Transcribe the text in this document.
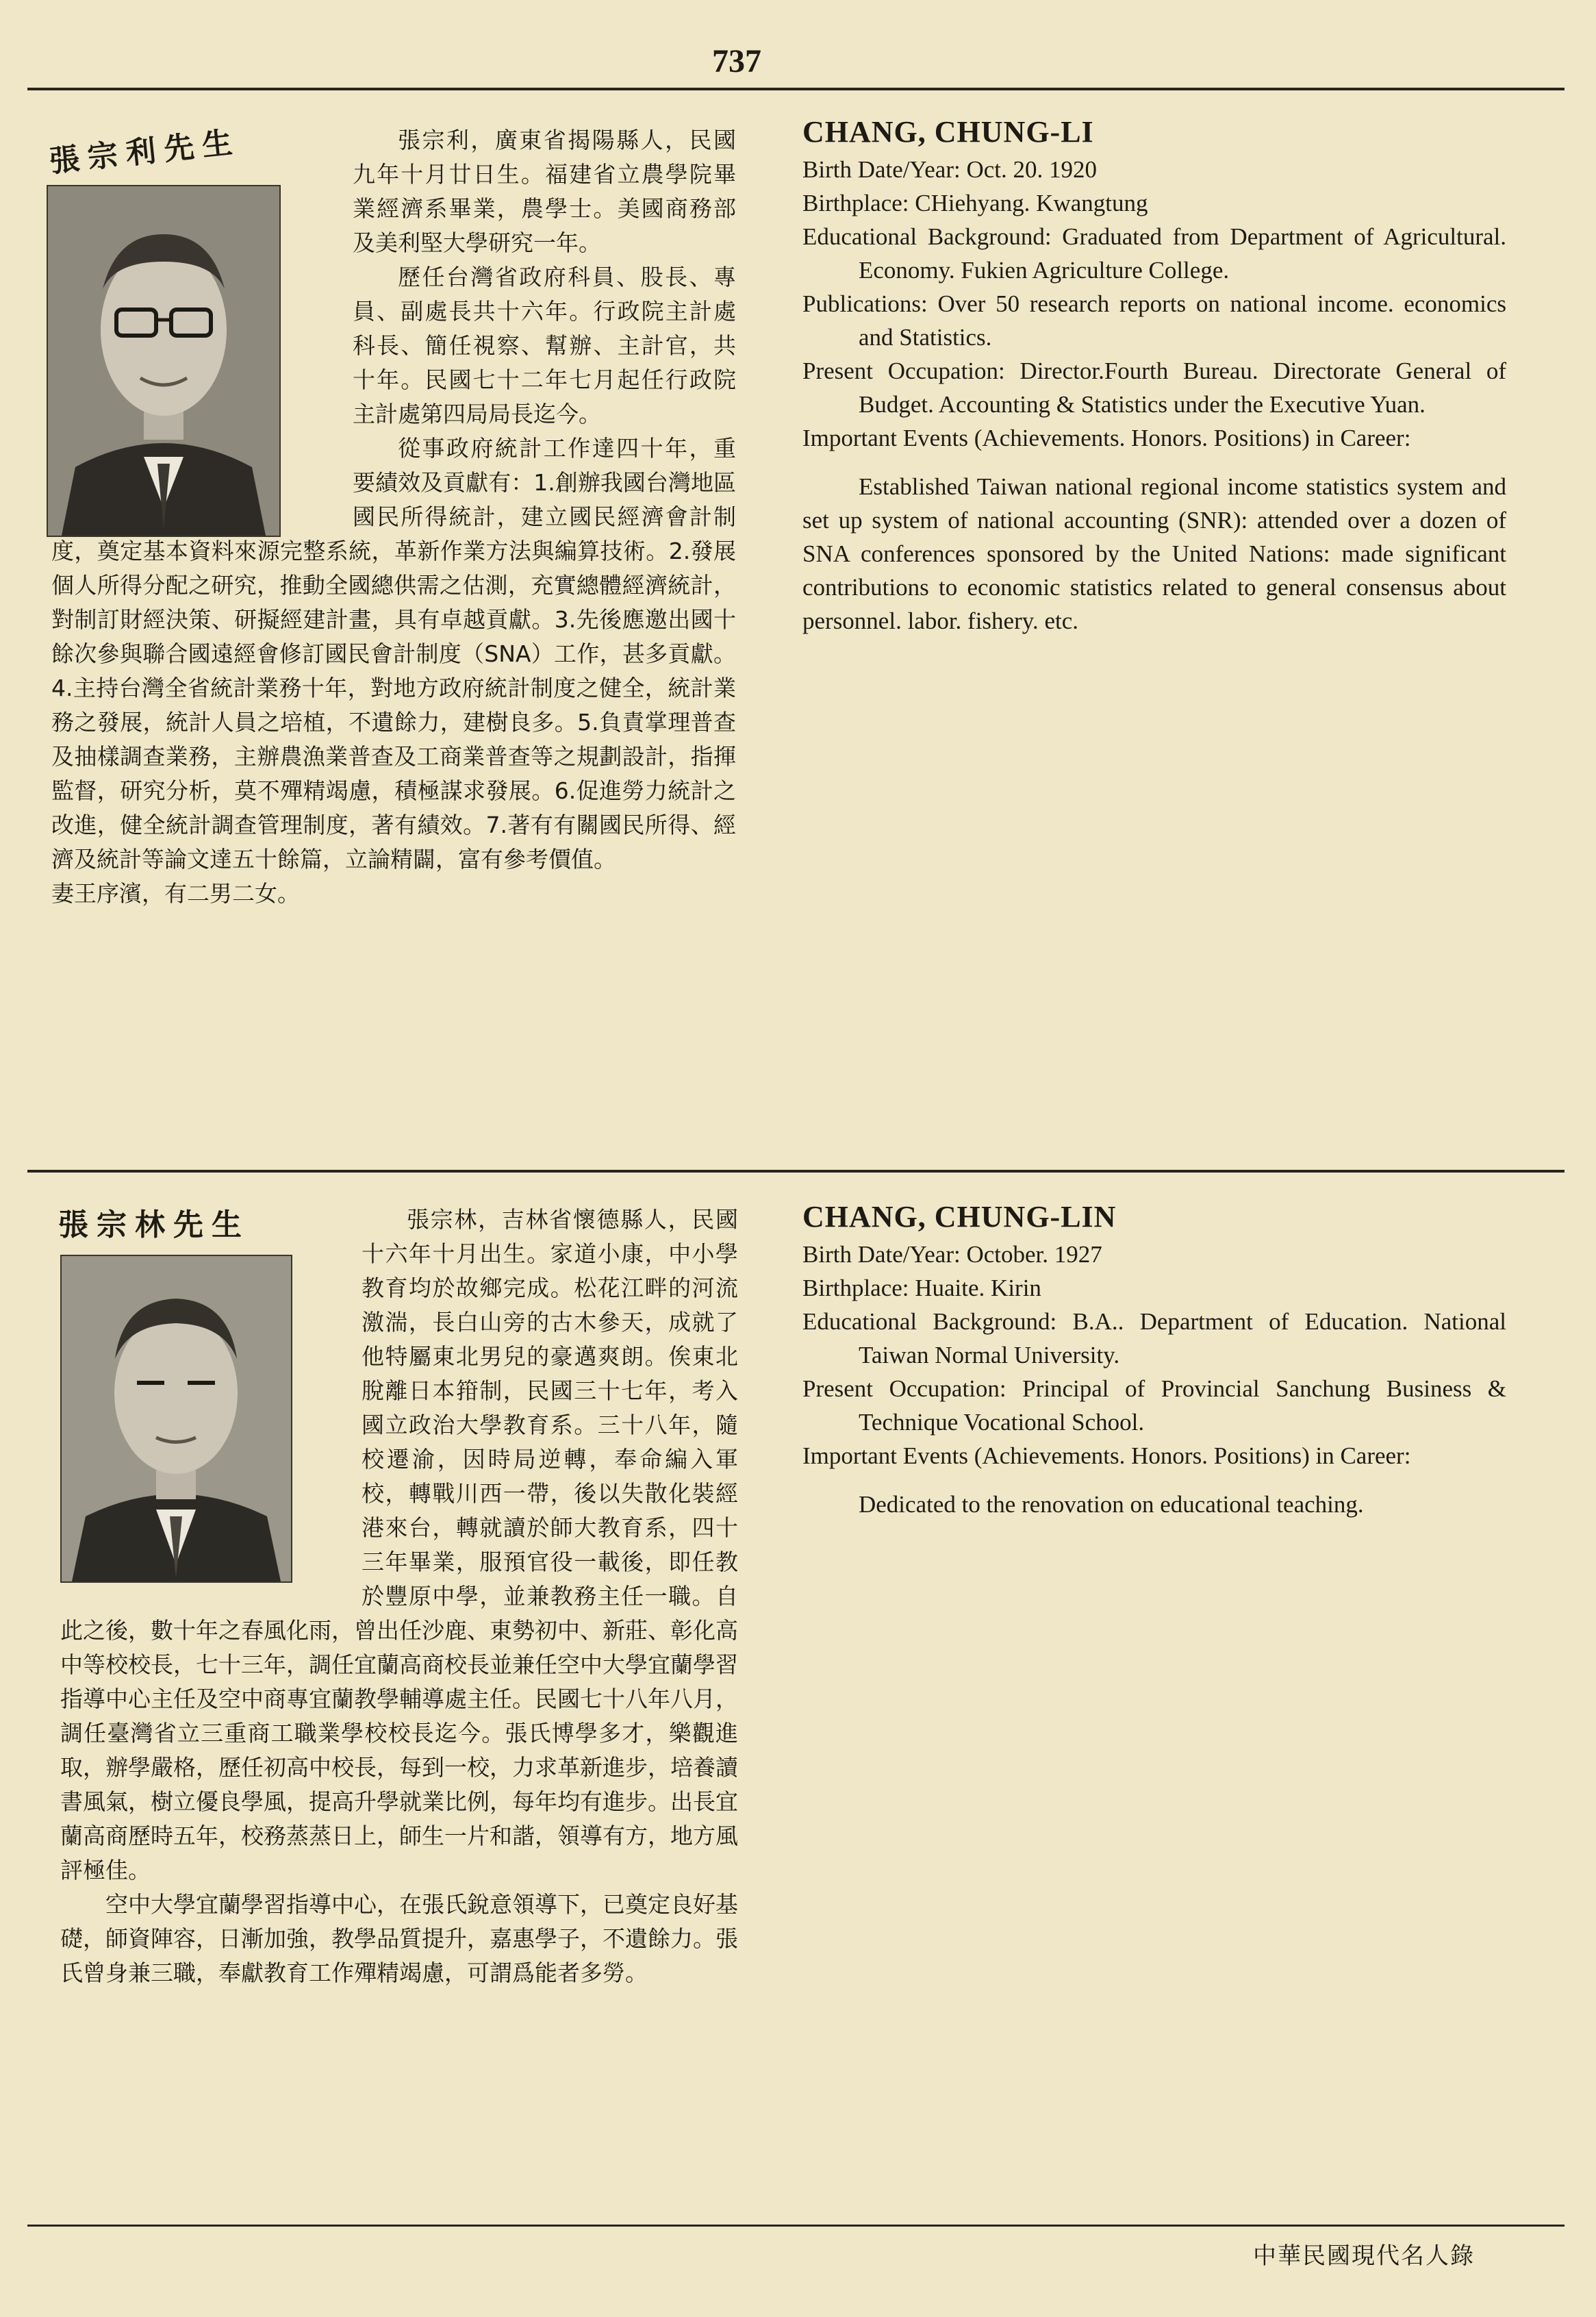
737

張宗利，廣東省揭陽縣人，民國九年十月廿日生。福建省立農學院畢業經濟系畢業，農學士。美國商務部及美利堅大學研究一年。

歷任台灣省政府科員、股長、專員、副處長共十六年。行政院主計處科長、簡任視察、幫辦、主計官，共十年。民國七十二年七月起任行政院主計處第四局局長迄今。

從事政府統計工作達四十年，重要績效及貢獻有：1.創辦我國台灣地區國民所得統計，建立國民經濟會計制度，奠定基本資料來源完整系統，革新作業方法與編算技術。2.發展個人所得分配之研究，推動全國總供需之估測，充實總體經濟統計，對制訂財經決策、研擬經建計畫，具有卓越貢獻。3.先後應邀出國十餘次參與聯合國遠經會修訂國民會計制度（SNA）工作，甚多貢獻。4.主持台灣全省統計業務十年，對地方政府統計制度之健全，統計業務之發展，統計人員之培植，不遺餘力，建樹良多。5.負責掌理普查及抽樣調查業務，主辦農漁業普查及工商業普查等之規劃設計，指揮監督，研究分析，莫不殫精竭慮，積極謀求發展。6.促進勞力統計之改進，健全統計調查管理制度，著有績效。7.著有有關國民所得、經濟及統計等論文達五十餘篇，立論精闢，富有參考價值。

妻王序濱，有二男二女。

張宗利先生	CHANG, CHUNG-LI
Birth Date/Year: Oct. 20. 1920
Birthplace: CHiehyang. Kwangtung
Educational Background: Graduated from Department of Agricultural. Economy. Fukien Agriculture College.
Publications: Over 50 research reports on national income. economics and Statistics.
Present Occupation: Director.Fourth Bureau. Directorate General of Budget. Accounting & Statistics under the Executive Yuan.
Important Events (Achievements. Honors. Positions) in Career:
Established Taiwan national regional income statistics system and set up system of national accounting (SNR): attended over a dozen of SNA conferences sponsored by the United Nations: made significant contributions to economic statistics related to general consensus about personnel. labor. fishery. etc.

張宗林，吉林省懷德縣人，民國十六年十月出生。家道小康，中小學教育均於故鄉完成。松花江畔的河流激湍，長白山旁的古木參天，成就了他特屬東北男兒的豪邁爽朗。俟東北脫離日本箝制，民國三十七年，考入國立政治大學教育系。三十八年，隨校遷渝，因時局逆轉，奉命編入軍校，轉戰川西一帶，後以失散化裝經港來台，轉就讀於師大教育系，四十三年畢業，服預官役一載後，即任教於豐原中學，並兼教務主任一職。自此之後，數十年之春風化雨，曾出任沙鹿、東勢初中、新莊、彰化高中等校校長，七十三年，調任宜蘭高商校長並兼任空中大學宜蘭學習指導中心主任及空中商專宜蘭教學輔導處主任。民國七十八年八月，調任臺灣省立三重商工職業學校校長迄今。張氏博學多才，樂觀進取，辦學嚴格，歷任初高中校長，每到一校，力求革新進步，培養讀書風氣，樹立優良學風，提高升學就業比例，每年均有進步。出長宜蘭高商歷時五年，校務蒸蒸日上，師生一片和諧，領導有方，地方風評極佳。

空中大學宜蘭學習指導中心，在張氏銳意領導下，已奠定良好基礎，師資陣容，日漸加強，教學品質提升，嘉惠學子，不遺餘力。張氏曾身兼三職，奉獻教育工作殫精竭慮，可謂爲能者多勞。

張宗林先生	CHANG, CHUNG-LIN
Birth Date/Year: October. 1927
Birthplace: Huaite. Kirin
Educational Background: B.A.. Department of Education. National Taiwan Normal University.
Present Occupation: Principal of Provincial Sanchung Business & Technique Vocational School.
Important Events (Achievements. Honors. Positions) in Career:
Dedicated to the renovation on educational teaching.
中華民國現代名人錄
